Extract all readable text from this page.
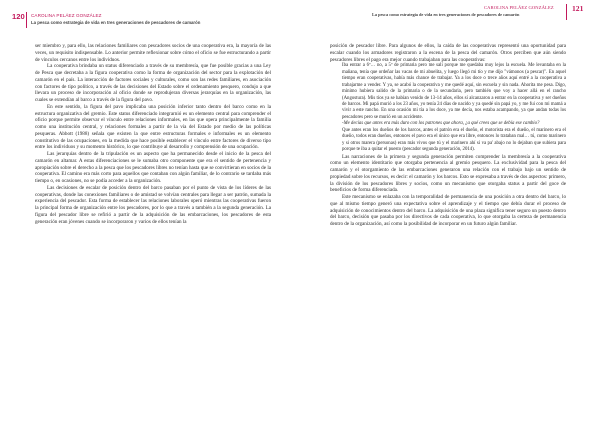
120 CAROLINA PELÁEZ GONZÁLEZ
La pesca como estrategia de vida en tres generaciones de pescadores de camarón

ser miembro y, para ello, las relaciones familiares con pescadores socios de una cooperativa era, la mayoría de las veces, un requisito indispensable. Lo anterior permite reflexionar sobre cómo el oficio se fue estructurando a partir de vínculos cercanos entre los individuos.

La cooperativa brindaba un status diferenciado a través de su membresía, que fue posible gracias a una Ley de Pesca que decretaba a la figura cooperativa como la forma de organización del sector para la explotación del camarón en el país. La interacción de factores sociales y culturales, como son las redes familiares, en asociación con factores de tipo político, a través de las decisiones del Estado sobre el ordenamiento pesquero, condujo a que llevara un proceso de incorporación al oficio donde se reprodujeran diversas jerarquías en la organización, las cuales se extendían al barco a través de la figura del pavo.

En este sentido, la figura del pavo implicaba una posición inferior tanto dentro del barco como en la estructura organizativa del gremio. Este status diferenciado integrarnió es un elemento central para comprender el oficio porque permite observar el vínculo entre relaciones informales, en las que opera principalmente la familia como una institución central, y relaciones formales a partir de la vía del Estado por medio de las políticas pesqueras. Abbott (1988) señala que existen la que entre estructuras formales e informales es un elemento constitutivo de las ocupaciones, en la medida que hace posible establecer el vínculo entre factores de diverso tipo entre los individuos y su momento histórico, lo que contribuye al desarrollo y comprensión de una ocupación.

Las jerarquías dentro de la tripulación es un aspecto que ha permanecido desde el inicio de la pesca del camarón en altamar. A estas diferenciaciones se le sumaba otro componente que era el sentido de pertenencia y apropiación sobre el derecho a la pesca que los pescadores libres no tenían hasta que se convirtieran en socios de la cooperativa. El camino era más corto para aquellos que contaban con algún familiar, de lo contrario se tardaba más tiempo o, en ocasiones, no se podía acceder a la organización.

Las decisiones de escalar de posición dentro del barco pasaban por el punto de vista de los líderes de las cooperativas, donde las conexiones familiares o de amistad se volvían centrales para llegar a ser patrón, sumada la experiencia del pescador. Esta forma de establecer las relaciones laborales operó mientras las cooperativas fueron la principal forma de organización entre los pescadores, por lo que a través a también a la segunda generación. La figura del pescador libre se refirió a partir de la adquisición de las embarcaciones, los pescadores de esta generación eran jóvenes cuando se incorporaron y varios de ellos tenían la

CAROLINA PELÁEZ GONZÁLEZ
La pesca como estrategia de vida en tres generaciones de pescadores de camarón
121

posición de pescador libre. Para algunos de ellos, la caída de las cooperativas representó una oportunidad para escalar cuando los armadores registraron a la escena de la pesca del camarón. Otros perciben que aún siendo pescadores libres el pago era mejor cuando trabajaban para las cooperativas:

Iba entrar a 6º… no, a 5º de primaria pero me salí porque me quedaba muy lejos la escuela. Me levantaba en la mañana, tenía que ordeñar las vacas de mi abuelita, y luego llegó mi tío y me dijo "vámonos (a pescar)". En aquel tiempo eran cooperativas, había más chance de trabajar. Ya a los doce o trece años aquí entré a la cooperativa a trabajarme a vender. Y ya, se acabó la cooperativa y me quedé aquí, sin escuela y sin nada. Ahorita me pesa. Digo, mínimo hubiera salido de la primaria o de la secundaria, pero también que voy a hacer allá en el rancho (Angostura). Mis tíos ya se habían venido de 13-14 años, ellos sí alcanzaron a entrar en la cooperativa y ser dueños de barcos. Mi papá murió a los 23 años, yo tenía 24 días de nacido y ya quedé sin papá yo, y me fui con mi mamá a vivir a este rancho. En una ocasión mi tía a los doce, ya me decía, nos estaba acampando, ya que andan todas los pescadores pero se murió en un accidente.

-Me decías que antes era más duro con los patrones que ahora, ¿a qué crees que se debía ese cambio?

Que antes eran los dueños de los barcos, antes el patrón era el dueño, el motorista era el dueño, el marinero era el dueño, todos eran dueños, entonces el pavo era el único que era libre, entonces lo trataban mal… tú, como marinero y si otros marera (personas) eran más vivos que tú y el marinero ahí sí va pa' abajo no lo dejaban que subiera para porque te iba a quitar el puesto (pescador segunda generación, 2014).

Las narraciones de la primera y segunda generación permiten comprender la membresía a la cooperativa como un elemento identitario que otorgaba pertenencia al gremio pesquero. La exclusividad para la pesca del camarón y el otorgamiento de las embarcaciones generaron una relación con el trabajo bajo un sentido de propiedad sobre los recursos, es decir: el camarón y los barcos. Esto se expresaba a través de dos aspectos: primero, la división de los pescadores libres y socios, como un mecanismo que otorgaba status a partir del goce de beneficios de forma diferenciada.

Este mecanismo se enlazaba con la temporalidad de permanencia de una posición a otra dentro del barco, lo que al mismo tiempo generó una expectativa sobre el aprendizaje y el tiempo que debía durar el proceso de adquisición de conocimientos dentro del barco. La adquisición de una plaza significa tener seguro un puesto dentro del barco, decisión que pasaba por los directivos de cada cooperativa, lo que otorgaba la certeza de permanencia dentro de la organización, así como la posibilidad de incorporar en un futuro algún familiar.
